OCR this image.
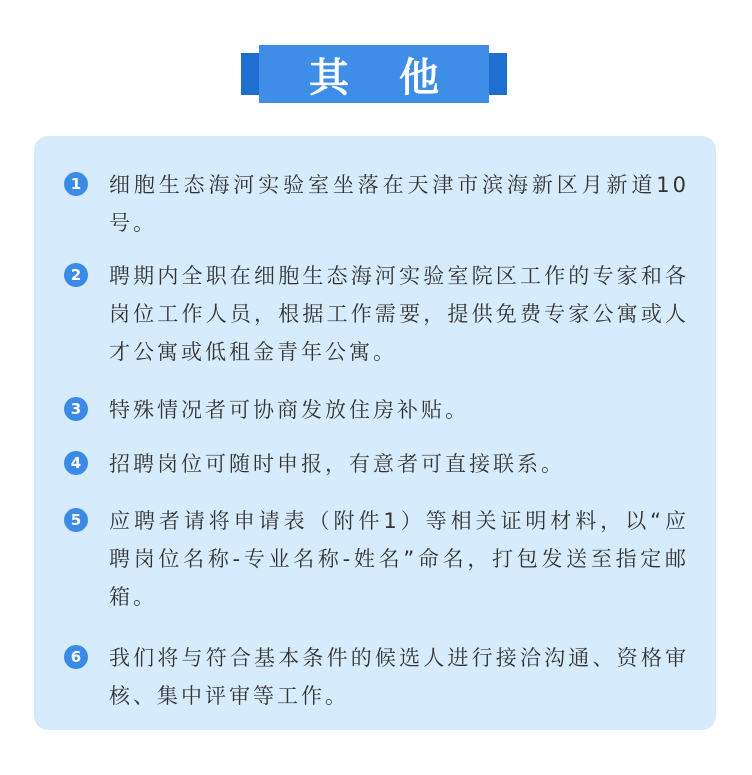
其 他
1	细胞生态海河实验室坐落在天津市滨海新区月新道10号。
2	聘期内全职在细胞生态海河实验室院区工作的专家和各岗位工作人员，根据工作需要，提供免费专家公寓或人才公寓或低租金青年公寓。
3	特殊情况者可协商发放住房补贴。
4	招聘岗位可随时申报，有意者可直接联系。
5	应聘者请将申请表（附件1）等相关证明材料，以“应聘岗位名称-专业名称-姓名”命名，打包发送至指定邮箱。
6	我们将与符合基本条件的候选人进行接洽沟通、资格审核、集中评审等工作。
